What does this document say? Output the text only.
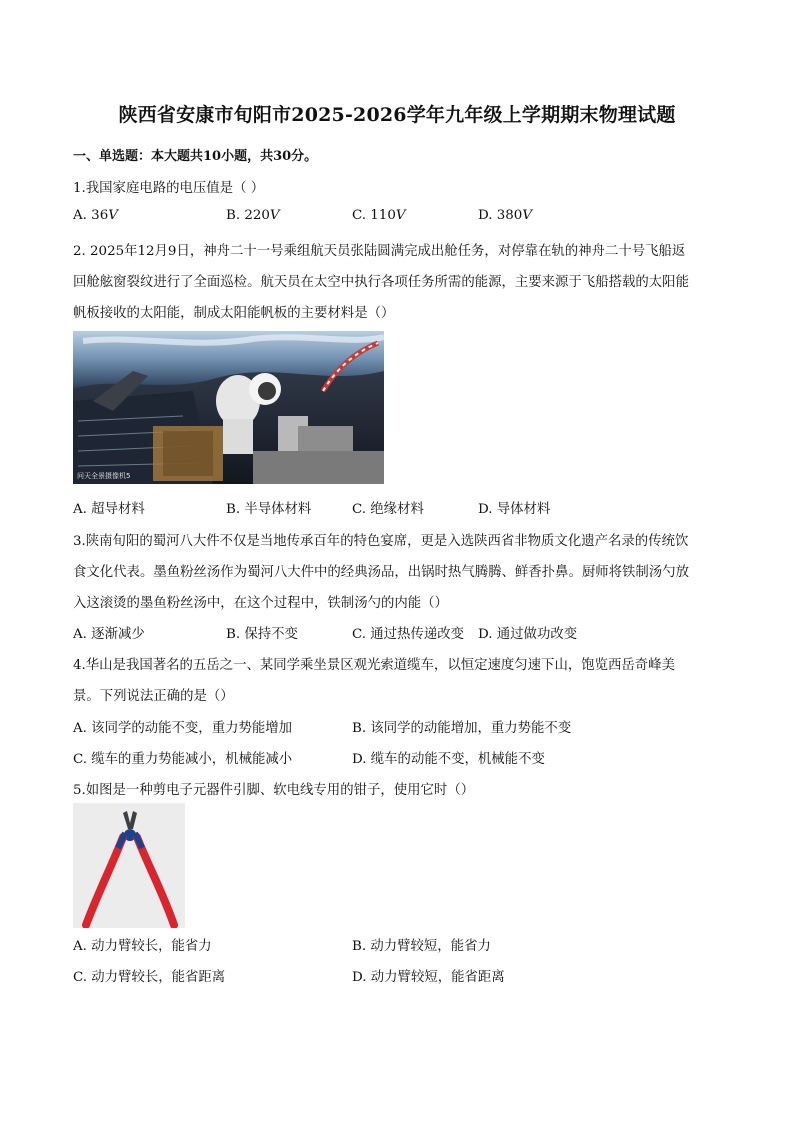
陕西省安康市旬阳市2025-2026学年九年级上学期期末物理试题
一、单选题：本大题共10小题，共30分。
1.我国家庭电路的电压值是（ ）
A. 36𝑉	B. 220𝑉	C. 110𝑉	D. 380𝑉
2. 2025年12月9日，神舟二十一号乘组航天员张陆圆满完成出舱任务，对停靠在轨的神舟二十号飞船返
回舱舷窗裂纹进行了全面巡检。航天员在太空中执行各项任务所需的能源，主要来源于飞船搭载的太阳能
帆板接收的太阳能，制成太阳能帆板的主要材料是（）
问天全景摄像机5
A. 超导材料	B. 半导体材料	C. 绝缘材料	D. 导体材料
3.陕南旬阳的蜀河八大件不仅是当地传承百年的特色宴席，更是入选陕西省非物质文化遗产名录的传统饮
食文化代表。墨鱼粉丝汤作为蜀河八大件中的经典汤品，出锅时热气腾腾、鲜香扑鼻。厨师将铁制汤勺放
入这滚烫的墨鱼粉丝汤中，在这个过程中，铁制汤勺的内能（）
A. 逐渐减少	B. 保持不变	C. 通过热传递改变 D. 通过做功改变
4.华山是我国著名的五岳之一、某同学乘坐景区观光索道缆车，以恒定速度匀速下山，饱览西岳奇峰美
景。下列说法正确的是（）
A. 该同学的动能不变，重力势能增加	B. 该同学的动能增加，重力势能不变
C. 缆车的重力势能减小，机械能减小	D. 缆车的动能不变，机械能不变
5.如图是一种剪电子元器件引脚、软电线专用的钳子，使用它时（）
A. 动力臂较长，能省力	B. 动力臂较短，能省力
C. 动力臂较长，能省距离	D. 动力臂较短，能省距离
